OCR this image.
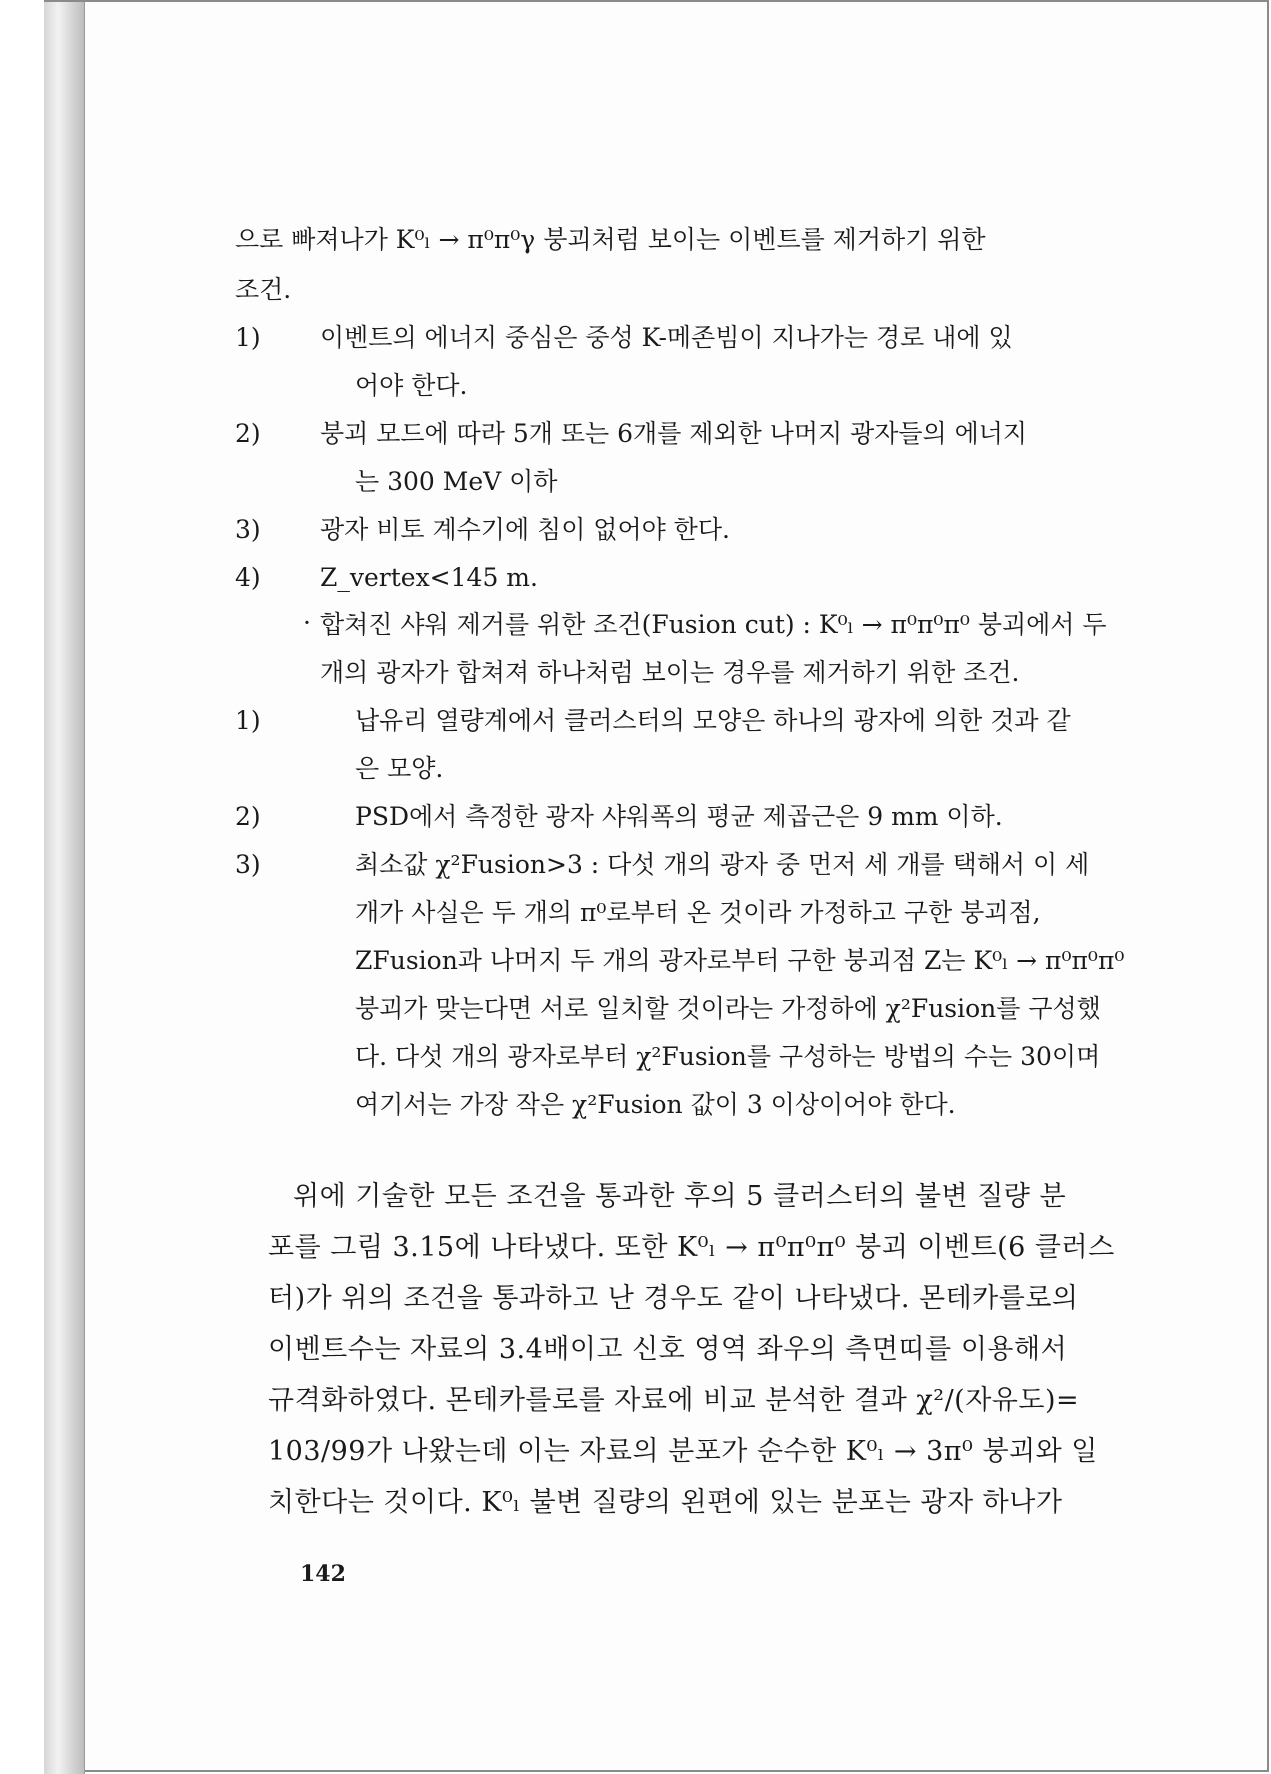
으로 빠져나가 K⁰ₗ → π⁰π⁰γ 붕괴처럼 보이는 이벤트를 제거하기 위한
조건.
1) 이벤트의 에너지 중심은 중성 K-메존빔이 지나가는 경로 내에 있
어야 한다.
2) 붕괴 모드에 따라 5개 또는 6개를 제외한 나머지 광자들의 에너지
는 300 MeV 이하
3) 광자 비토 계수기에 침이 없어야 한다.
4) Z_vertex<145 m.
· 합쳐진 샤워 제거를 위한 조건(Fusion cut) : K⁰ₗ → π⁰π⁰π⁰ 붕괴에서 두
개의 광자가 합쳐져 하나처럼 보이는 경우를 제거하기 위한 조건.
1)	납유리 열량계에서 클러스터의 모양은 하나의 광자에 의한 것과 같
은 모양.
2)	PSD에서 측정한 광자 샤워폭의 평균 제곱근은 9 mm 이하.
3)	최소값 χ²Fusion>3 : 다섯 개의 광자 중 먼저 세 개를 택해서 이 세
개가 사실은 두 개의 π⁰로부터 온 것이라 가정하고 구한 붕괴점,
ZFusion과 나머지 두 개의 광자로부터 구한 붕괴점 Z는 K⁰ₗ → π⁰π⁰π⁰
붕괴가 맞는다면 서로 일치할 것이라는 가정하에 χ²Fusion를 구성했
다. 다섯 개의 광자로부터 χ²Fusion를 구성하는 방법의 수는 30이며
여기서는 가장 작은 χ²Fusion 값이 3 이상이어야 한다.
위에 기술한 모든 조건을 통과한 후의 5 클러스터의 불변 질량 분
포를 그림 3.15에 나타냈다. 또한 K⁰ₗ → π⁰π⁰π⁰ 붕괴 이벤트(6 클러스
터)가 위의 조건을 통과하고 난 경우도 같이 나타냈다. 몬테카를로의
이벤트수는 자료의 3.4배이고 신호 영역 좌우의 측면띠를 이용해서
규격화하였다. 몬테카를로를 자료에 비교 분석한 결과 χ²/(자유도)=
103/99가 나왔는데 이는 자료의 분포가 순수한 K⁰ₗ → 3π⁰ 붕괴와 일
치한다는 것이다. K⁰ₗ 불변 질량의 왼편에 있는 분포는 광자 하나가
142
